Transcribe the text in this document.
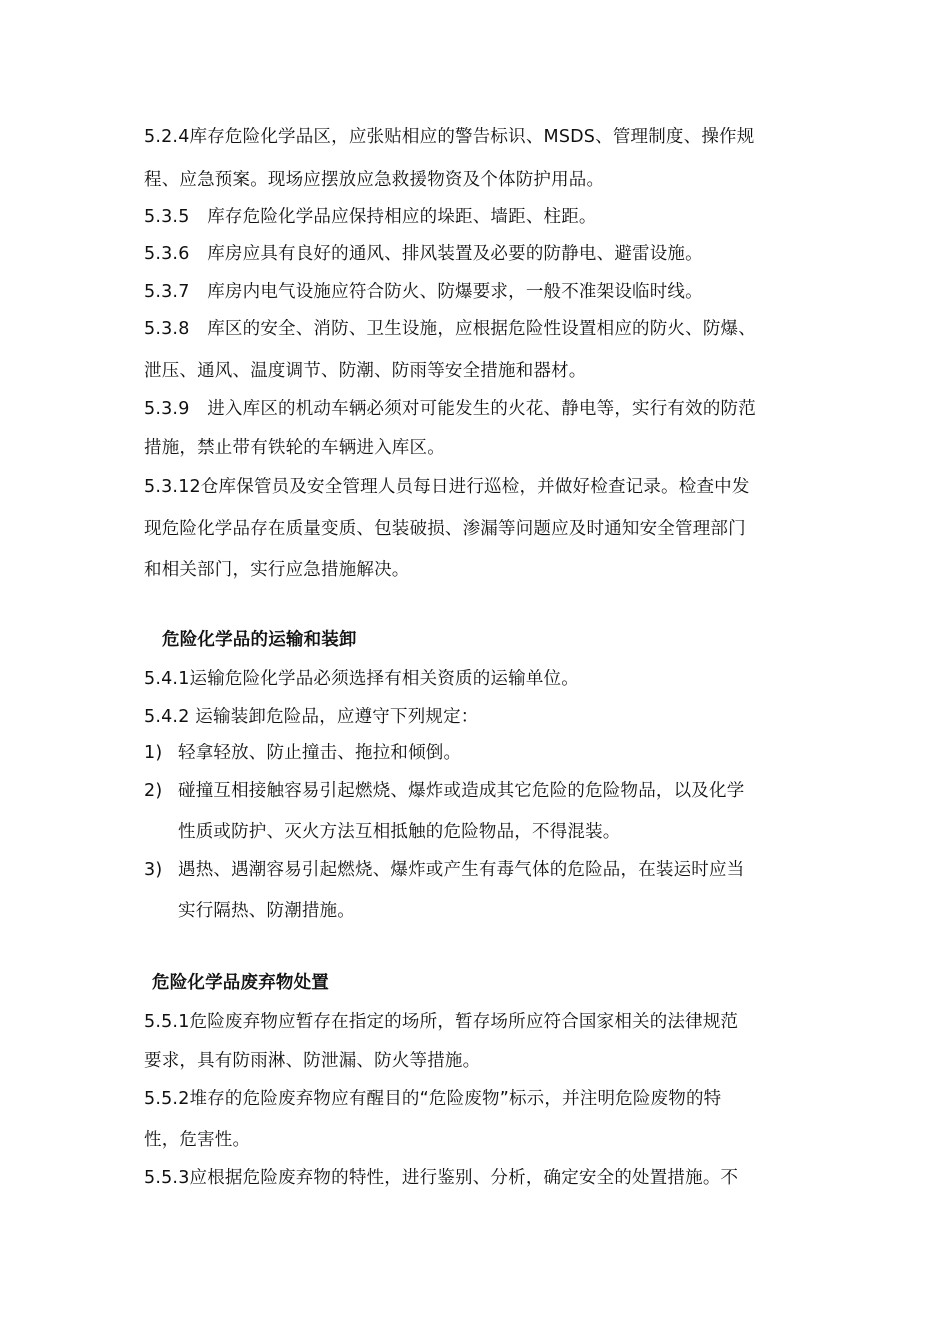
5.2.4库存危险化学品区，应张贴相应的警告标识、MSDS、管理制度、操作规
程、应急预案。现场应摆放应急救援物资及个体防护用品。
5.3.5　库存危险化学品应保持相应的垛距、墙距、柱距。
5.3.6　库房应具有良好的通风、排风装置及必要的防静电、避雷设施。
5.3.7　库房内电气设施应符合防火、防爆要求，一般不准架设临时线。
5.3.8　库区的安全、消防、卫生设施，应根据危险性设置相应的防火、防爆、
泄压、通风、温度调节、防潮、防雨等安全措施和器材。
5.3.9　进入库区的机动车辆必须对可能发生的火花、静电等，实行有效的防范
措施，禁止带有铁轮的车辆进入库区。
5.3.12仓库保管员及安全管理人员每日进行巡检，并做好检查记录。检查中发
现危险化学品存在质量变质、包装破损、渗漏等问题应及时通知安全管理部门
和相关部门，实行应急措施解决。
危险化学品的运输和装卸
5.4.1运输危险化学品必须选择有相关资质的运输单位。
5.4.2 运输装卸危险品，应遵守下列规定：
1) 轻拿轻放、防止撞击、拖拉和倾倒。
2) 碰撞互相接触容易引起燃烧、爆炸或造成其它危险的危险物品，以及化学
性质或防护、灭火方法互相抵触的危险物品，不得混装。
3) 遇热、遇潮容易引起燃烧、爆炸或产生有毒气体的危险品，在装运时应当
实行隔热、防潮措施。
危险化学品废弃物处置
5.5.1危险废弃物应暂存在指定的场所，暂存场所应符合国家相关的法律规范
要求，具有防雨淋、防泄漏、防火等措施。
5.5.2堆存的危险废弃物应有醒目的“危险废物”标示，并注明危险废物的特
性，危害性。
5.5.3应根据危险废弃物的特性，进行鉴别、分析，确定安全的处置措施。不
